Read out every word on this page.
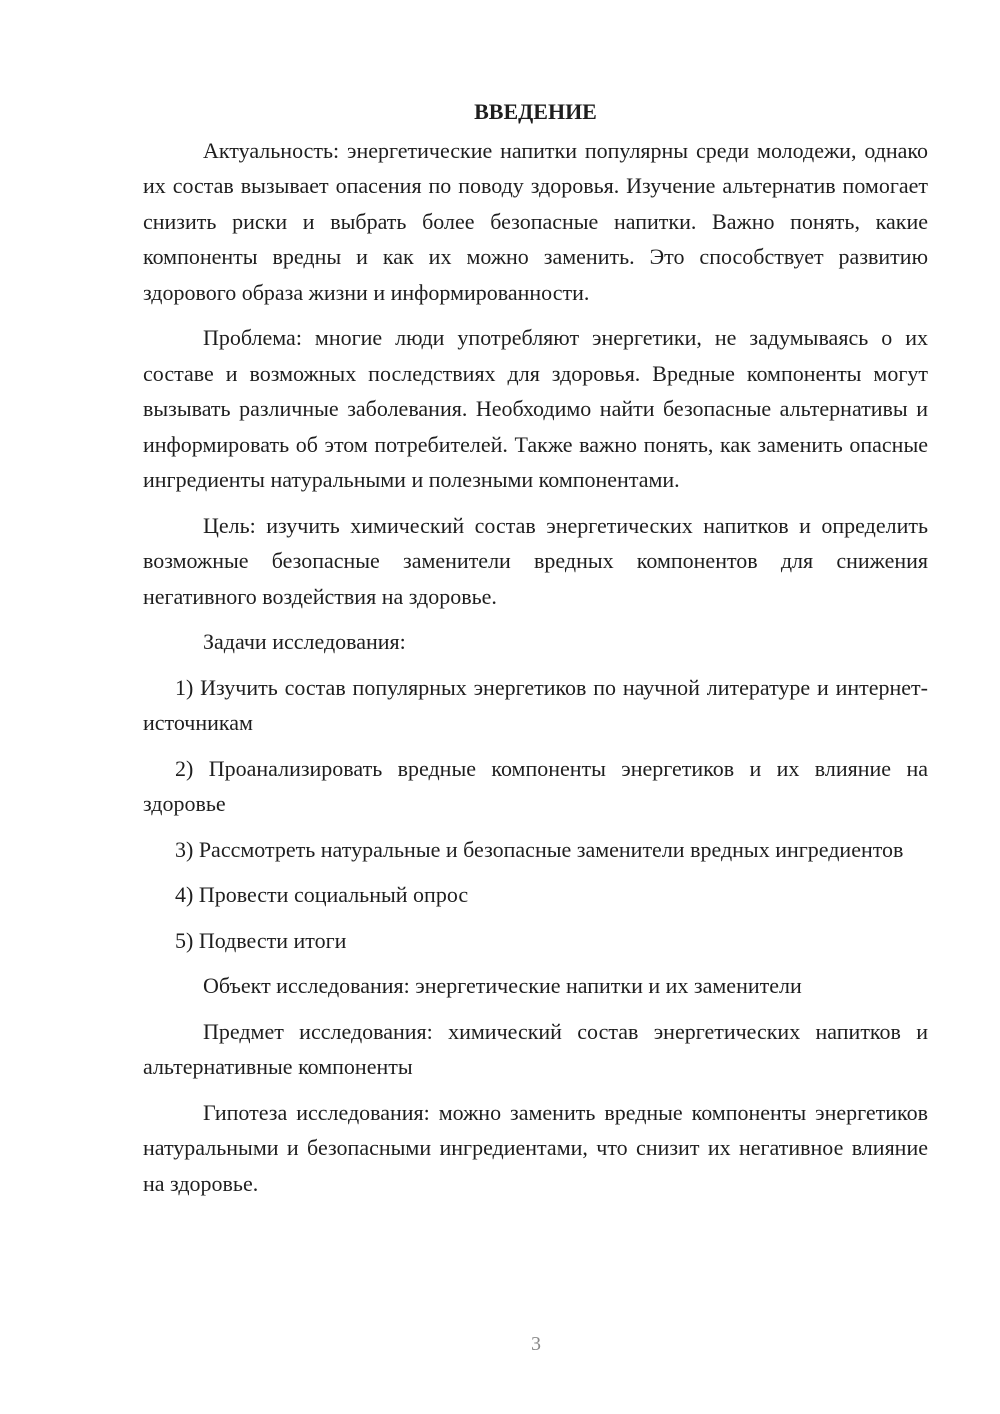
ВВЕДЕНИЕ

Актуальность: энергетические напитки популярны среди молодежи, однако их состав вызывает опасения по поводу здоровья. Изучение альтернатив помогает снизить риски и выбрать более безопасные напитки. Важно понять, какие компоненты вредны и как их можно заменить. Это способствует развитию здорового образа жизни и информированности.

Проблема: многие люди употребляют энергетики, не задумываясь о их составе и возможных последствиях для здоровья. Вредные компоненты могут вызывать различные заболевания. Необходимо найти безопасные альтернативы и информировать об этом потребителей. Также важно понять, как заменить опасные ингредиенты натуральными и полезными компонентами.

Цель: изучить химический состав энергетических напитков и определить возможные безопасные заменители вредных компонентов для снижения негативного воздействия на здоровье.

Задачи исследования:

1) Изучить состав популярных энергетиков по научной литературе и интернет-источникам

2) Проанализировать вредные компоненты энергетиков и их влияние на здоровье

3) Рассмотреть натуральные и безопасные заменители вредных ингредиентов

4) Провести социальный опрос

5) Подвести итоги

Объект исследования: энергетические напитки и их заменители

Предмет исследования: химический состав энергетических напитков и альтернативные компоненты

Гипотеза исследования: можно заменить вредные компоненты энергетиков натуральными и безопасными ингредиентами, что снизит их негативное влияние на здоровье.

3
